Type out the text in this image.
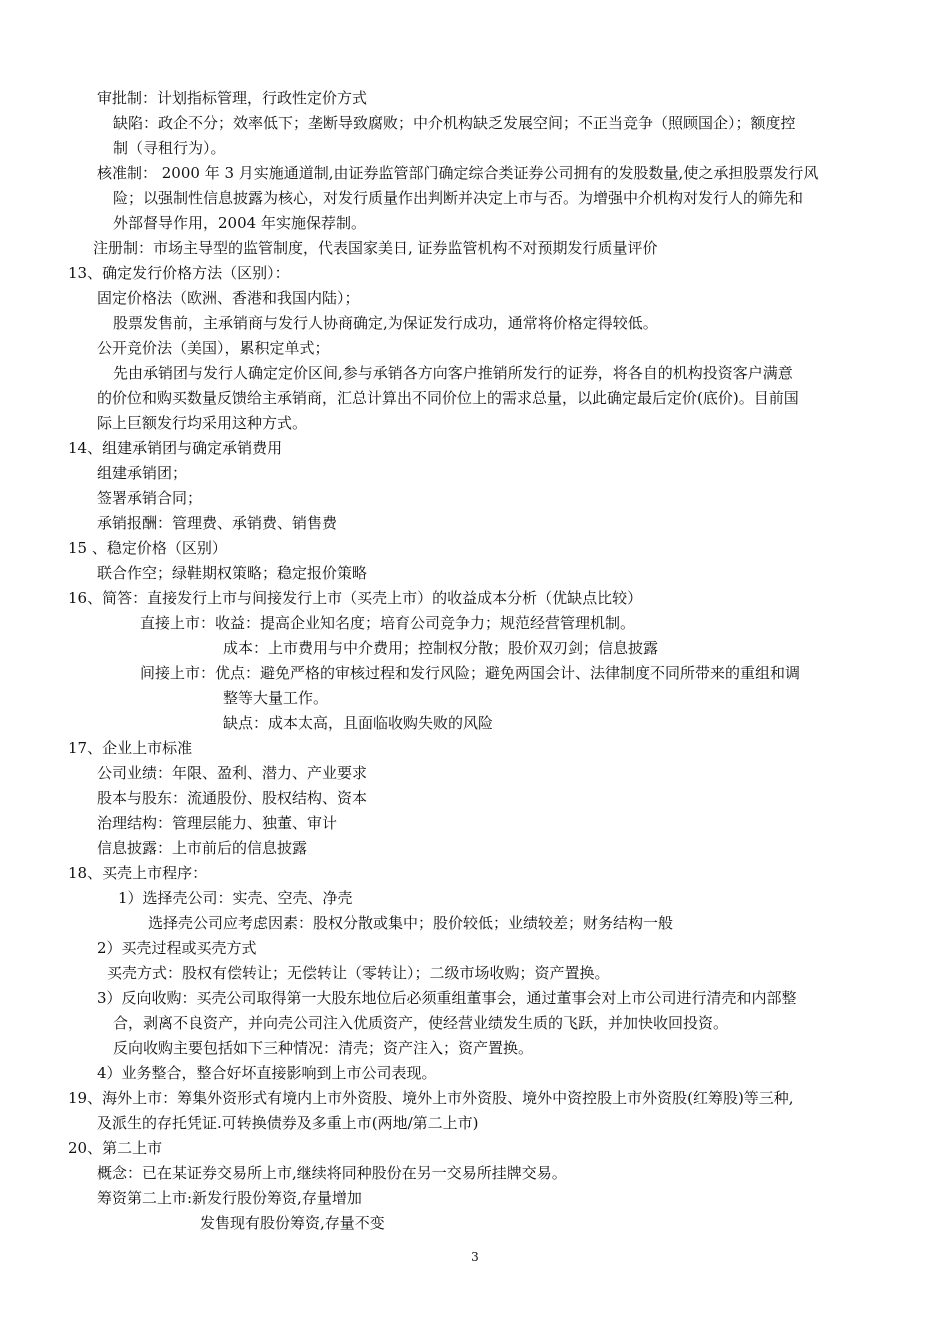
审批制：计划指标管理，行政性定价方式
缺陷：政企不分；效率低下；垄断导致腐败；中介机构缺乏发展空间；不正当竞争（照顾国企）；额度控
制（寻租行为）。
核准制： 2000 年 3 月实施通道制,由证券监管部门确定综合类证券公司拥有的发股数量,使之承担股票发行风
险；以强制性信息披露为核心，对发行质量作出判断并决定上市与否。为增强中介机构对发行人的筛先和
外部督导作用，2004 年实施保荐制。
注册制：市场主导型的监管制度，代表国家美日, 证券监管机构不对预期发行质量评价
13、确定发行价格方法（区别）：
固定价格法（欧洲、香港和我国内陆）；
股票发售前，主承销商与发行人协商确定,为保证发行成功，通常将价格定得较低。
公开竞价法（美国），累积定单式；
先由承销团与发行人确定定价区间,参与承销各方向客户推销所发行的证券，将各自的机构投资客户满意
的价位和购买数量反馈给主承销商，汇总计算出不同价位上的需求总量，以此确定最后定价(底价)。目前国
际上巨额发行均采用这种方式。
14、组建承销团与确定承销费用
组建承销团；
签署承销合同；
承销报酬：管理费、承销费、销售费
15 、稳定价格（区别）
联合作空；绿鞋期权策略；稳定报价策略
16、简答：直接发行上市与间接发行上市（买壳上市）的收益成本分析（优缺点比较）
直接上市：收益：提高企业知名度；培育公司竞争力；规范经营管理机制。
成本：上市费用与中介费用；控制权分散；股价双刃剑；信息披露
间接上市：优点：避免严格的审核过程和发行风险；避免两国会计、法律制度不同所带来的重组和调
整等大量工作。
缺点：成本太高，且面临收购失败的风险
17、企业上市标准
公司业绩：年限、盈利、潜力、产业要求
股本与股东：流通股份、股权结构、资本
治理结构：管理层能力、独董、审计
信息披露：上市前后的信息披露
18、买壳上市程序：
1）选择壳公司：实壳、空壳、净壳
选择壳公司应考虑因素：股权分散或集中；股价较低；业绩较差；财务结构一般
2）买壳过程或买壳方式
买壳方式：股权有偿转让；无偿转让（零转让）；二级市场收购；资产置换。
3）反向收购：买壳公司取得第一大股东地位后必须重组董事会，通过董事会对上市公司进行清壳和内部整
合，剥离不良资产，并向壳公司注入优质资产，使经营业绩发生质的飞跃，并加快收回投资。
反向收购主要包括如下三种情况：清壳；资产注入；资产置换。
4）业务整合，整合好坏直接影响到上市公司表现。
19、海外上市：筹集外资形式有境内上市外资股、境外上市外资股、境外中资控股上市外资股(红筹股)等三种,
及派生的存托凭证.可转换债券及多重上市(两地/第二上市)
20、第二上市
概念：已在某证券交易所上市,继续将同种股份在另一交易所挂牌交易。
筹资第二上市:新发行股份筹资,存量增加
发售现有股份筹资,存量不变
3
